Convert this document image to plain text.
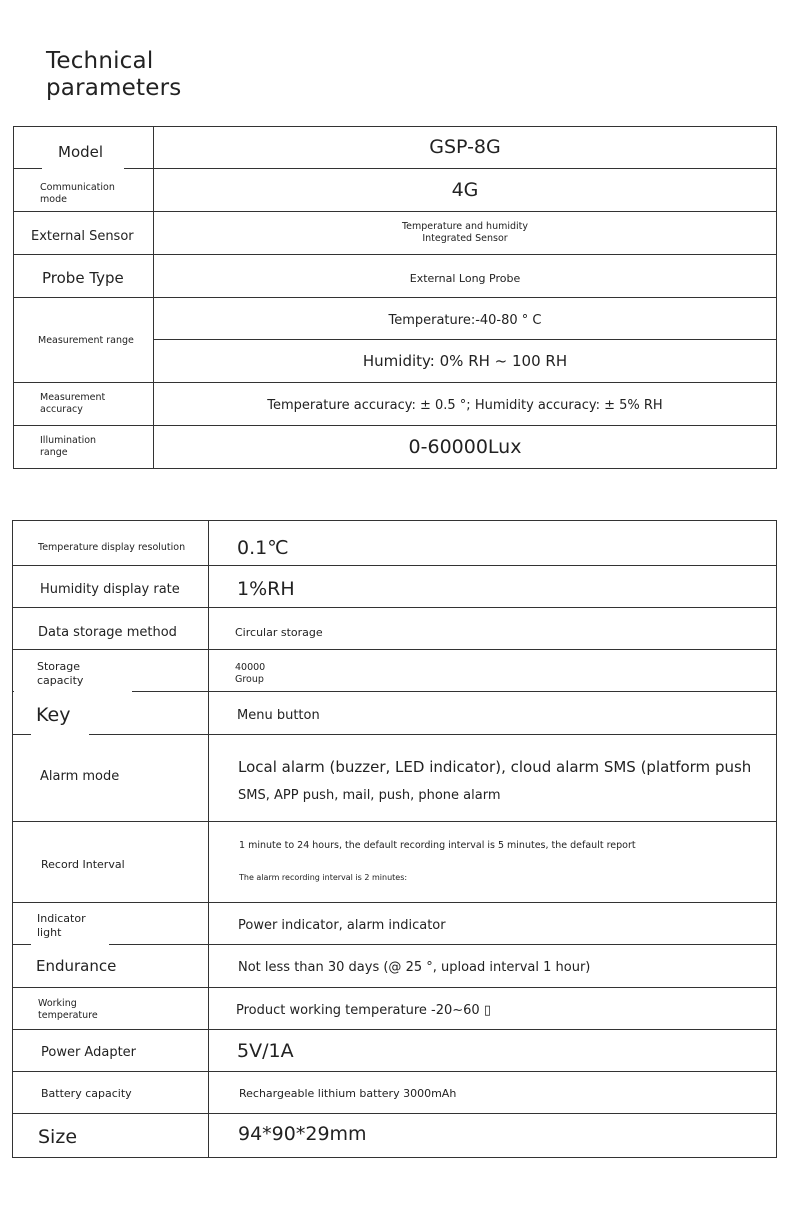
Technical
parameters
Model	GSP-8G

Communication mode	4G

External Sensor	Temperature and humidity
Integrated Sensor

Probe Type	External Long Probe

Measurement range	Temperature:-40-80 ° C
	Humidity: 0% RH ~ 100 RH

Measurement
accuracy	Temperature accuracy: ± 0.5 °; Humidity accuracy: ± 5% RH

Illumination
range	0-60000Lux
Temperature display resolution	0.1℃

Humidity display rate	1%RH

Data storage method	Circular storage

Storage
capacity	40000
Group

Key	Menu button

Alarm mode	Local alarm (buzzer, LED indicator), cloud alarm SMS (platform push
SMS, APP push, mail, push, phone alarm

Record Interval	1 minute to 24 hours, the default recording interval is 5 minutes, the default report
The alarm recording interval is 2 minutes:

Indicator
light	Power indicator, alarm indicator

Endurance	Not less than 30 days (@ 25 °, upload interval 1 hour)

Working
temperature	Product working temperature -20~60 ▯

Power Adapter	5V/1A

Battery capacity	Rechargeable lithium battery 3000mAh

Size	94*90*29mm
